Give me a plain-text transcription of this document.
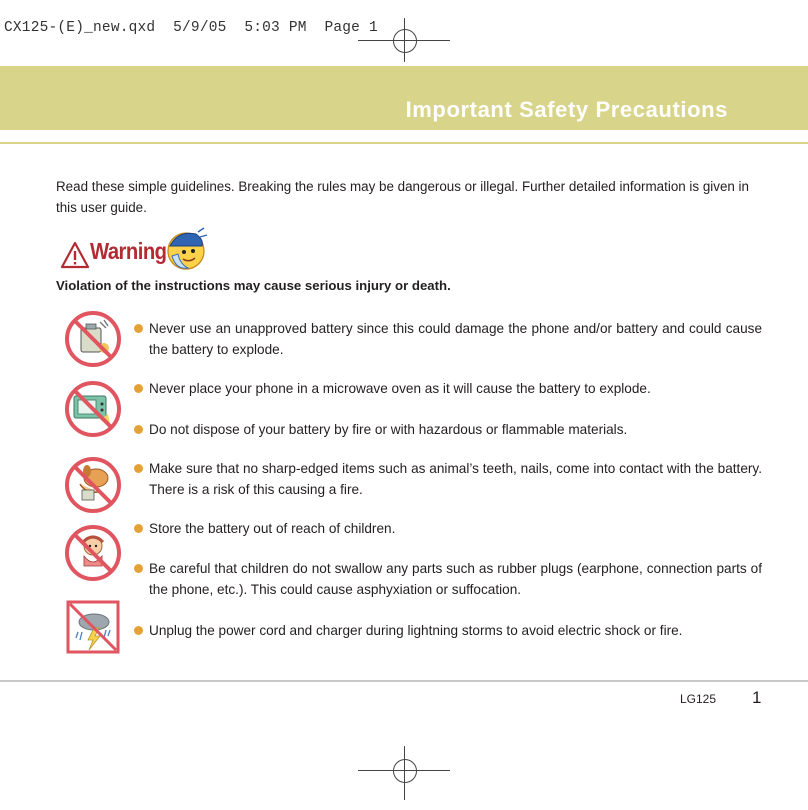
CX125-(E)_new.qxd  5/9/05  5:03 PM  Page 1
Important Safety Precautions
Read these simple guidelines. Breaking the rules may be dangerous or illegal. Further detailed information is given in this user guide.
Warning
Violation of the instructions may cause serious injury or death.
Never use an unapproved battery since this could damage the phone and/or battery and could cause the battery to explode.
Never place your phone in a microwave oven as it will cause the battery to explode.
Do not dispose of your battery by fire or with hazardous or flammable materials.
Make sure that no sharp-edged items such as animal’s teeth, nails, come into contact with the battery. There is a risk of this causing a fire.
Store the battery out of reach of children.
Be careful that children do not swallow any parts such as rubber plugs (earphone, connection parts of the phone, etc.). This could cause asphyxiation or suffocation.
Unplug the power cord and charger during lightning storms to avoid electric shock or fire.
LG125 1
